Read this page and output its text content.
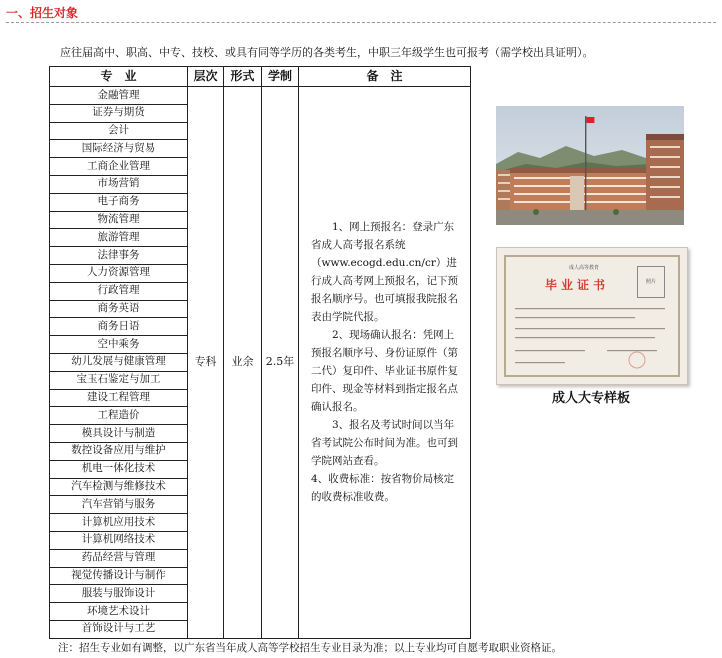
一、招生对象
应往届高中、职高、中专、技校、或具有同等学历的各类考生，中职三年级学生也可报考（需学校出具证明）。
专　业	层次	形式	学制	备　注
金融管理	专科	业余	2.5年	1、网上预报名：登录广东省成人高考报名系统（www.ecogd.edu.cn/cr）进行成人高考网上预报名，记下预报名顺序号。也可填报我院报名表由学院代报。

2、现场确认报名：凭网上预报名顺序号、身份证原件（第二代）复印件、毕业证书原件复印件、现金等材料到指定报名点确认报名。

3、报名及考试时间以当年省考试院公布时间为准。也可到学院网站查看。

4、收费标准：按省物价局核定的收费标准收费。

证券与期货				
会计				
国际经济与贸易				
工商企业管理				
市场营销				
电子商务				
物流管理				
旅游管理				
法律事务				
人力资源管理				
行政管理				
商务英语				
商务日语				
空中乘务				
幼儿发展与健康管理				
宝玉石鉴定与加工				
建设工程管理				
工程造价				
模具设计与制造				
数控设备应用与维护				
机电一体化技术				
汽车检测与维修技术				
汽车营销与服务				
计算机应用技术				
计算机网络技术				
药品经营与管理				
视觉传播设计与制作				
服装与服饰设计				
环境艺术设计				
首饰设计与工艺				
成人高等教育
毕业证书	照片
成人大专样板
注：招生专业如有调整，以广东省当年成人高等学校招生专业目录为准；以上专业均可自愿考取职业资格证。
